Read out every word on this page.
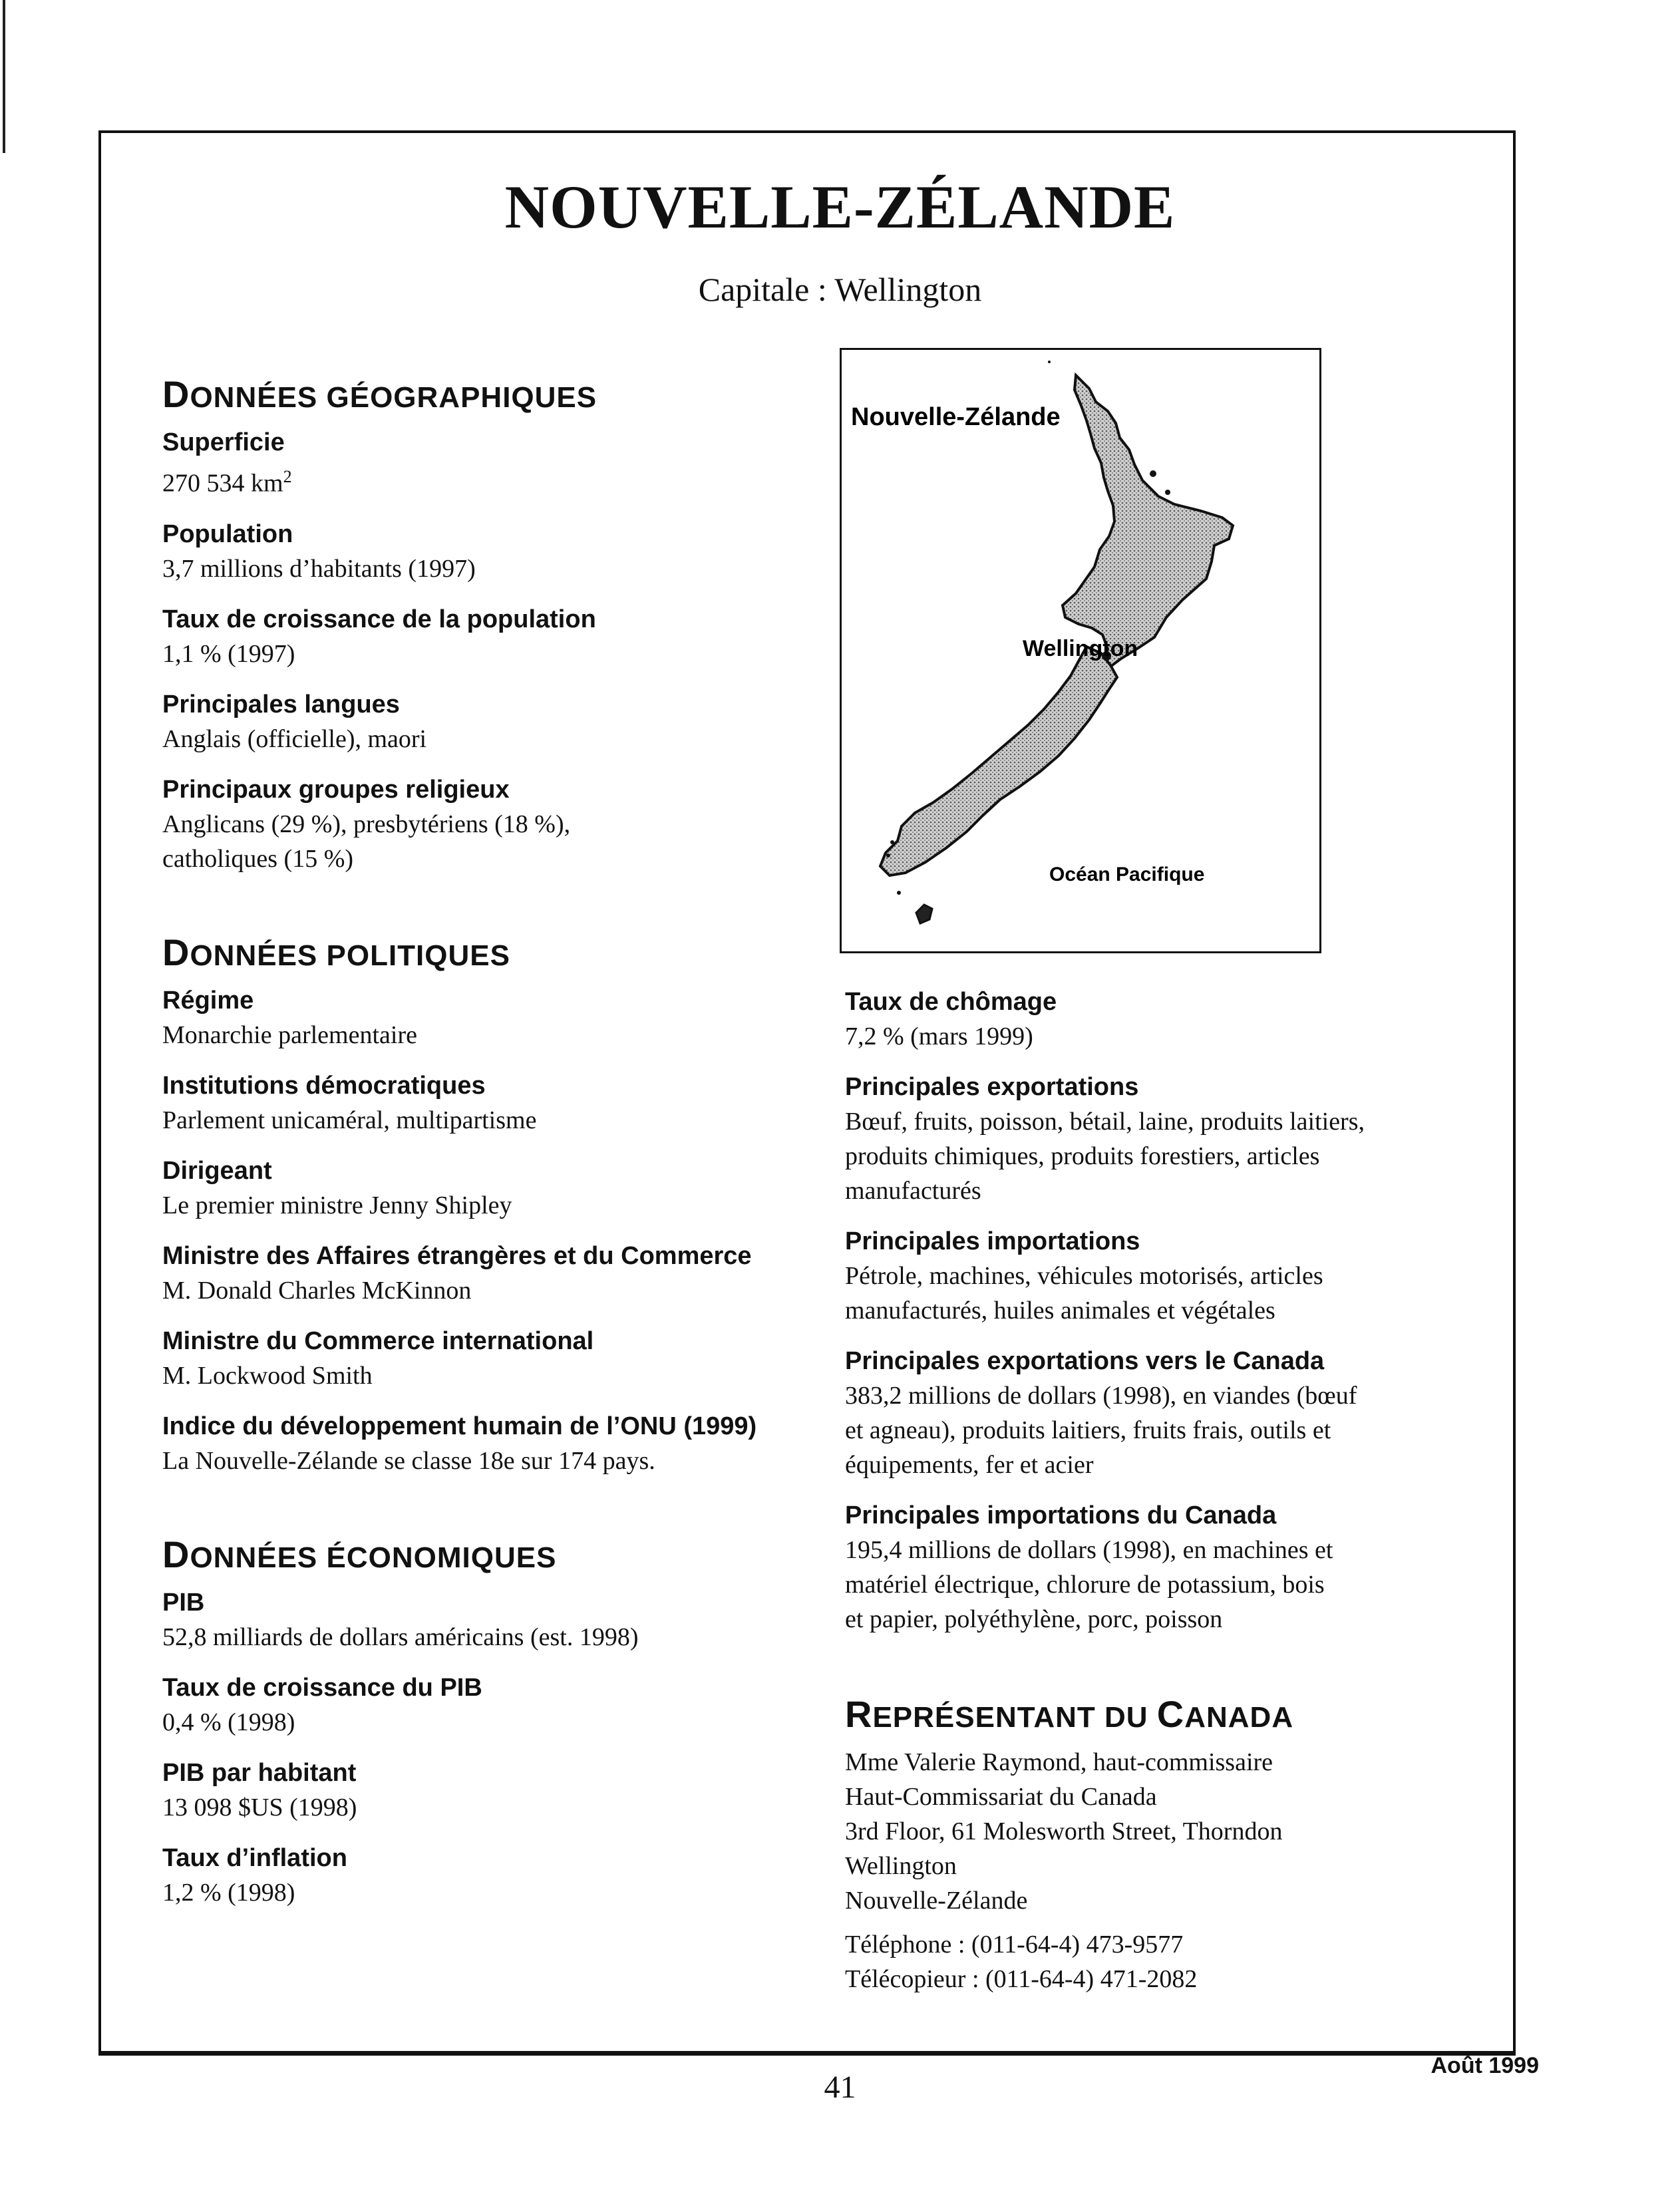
NOUVELLE-ZÉLANDE
Capitale : Wellington
DONNÉES GÉOGRAPHIQUES
Superficie
270 534 $km^2$
Population
3,7 millions d’habitants (1997)
Taux de croissance de la population
1,1 % (1997)
Principales langues
Anglais (officielle), maori
Principaux groupes religieux
Anglicans (29 %), presbytériens (18 %),
catholiques (15 %)
DONNÉES POLITIQUES
Régime
Monarchie parlementaire
Institutions démocratiques
Parlement unicaméral, multipartisme
Dirigeant
Le premier ministre Jenny Shipley
Ministre des Affaires étrangères et du Commerce
M. Donald Charles McKinnon
Ministre du Commerce international
M. Lockwood Smith
Indice du développement humain de l’ONU (1999)
La Nouvelle-Zélande se classe 18e sur 174 pays.
DONNÉES ÉCONOMIQUES
PIB
52,8 milliards de dollars américains (est. 1998)
Taux de croissance du PIB
0,4 % (1998)
PIB par habitant
13 098 $US (1998)
Taux d’inflation
1,2 % (1998)
Nouvelle-Zélande
Wellington
Océan Pacifique
Taux de chômage
7,2 % (mars 1999)
Principales exportations
Bœuf, fruits, poisson, bétail, laine, produits laitiers,
produits chimiques, produits forestiers, articles
manufacturés
Principales importations
Pétrole, machines, véhicules motorisés, articles
manufacturés, huiles animales et végétales
Principales exportations vers le Canada
383,2 millions de dollars (1998), en viandes (bœuf
et agneau), produits laitiers, fruits frais, outils et
équipements, fer et acier
Principales importations du Canada
195,4 millions de dollars (1998), en machines et
matériel électrique, chlorure de potassium, bois
et papier, polyéthylène, porc, poisson
REPRÉSENTANT DU CANADA
Mme Valerie Raymond, haut-commissaire
Haut-Commissariat du Canada
3rd Floor, 61 Molesworth Street, Thorndon
Wellington
Nouvelle-Zélande
Téléphone : (011-64-4) 473-9577
Télécopieur : (011-64-4) 471-2082
41
Août 1999
